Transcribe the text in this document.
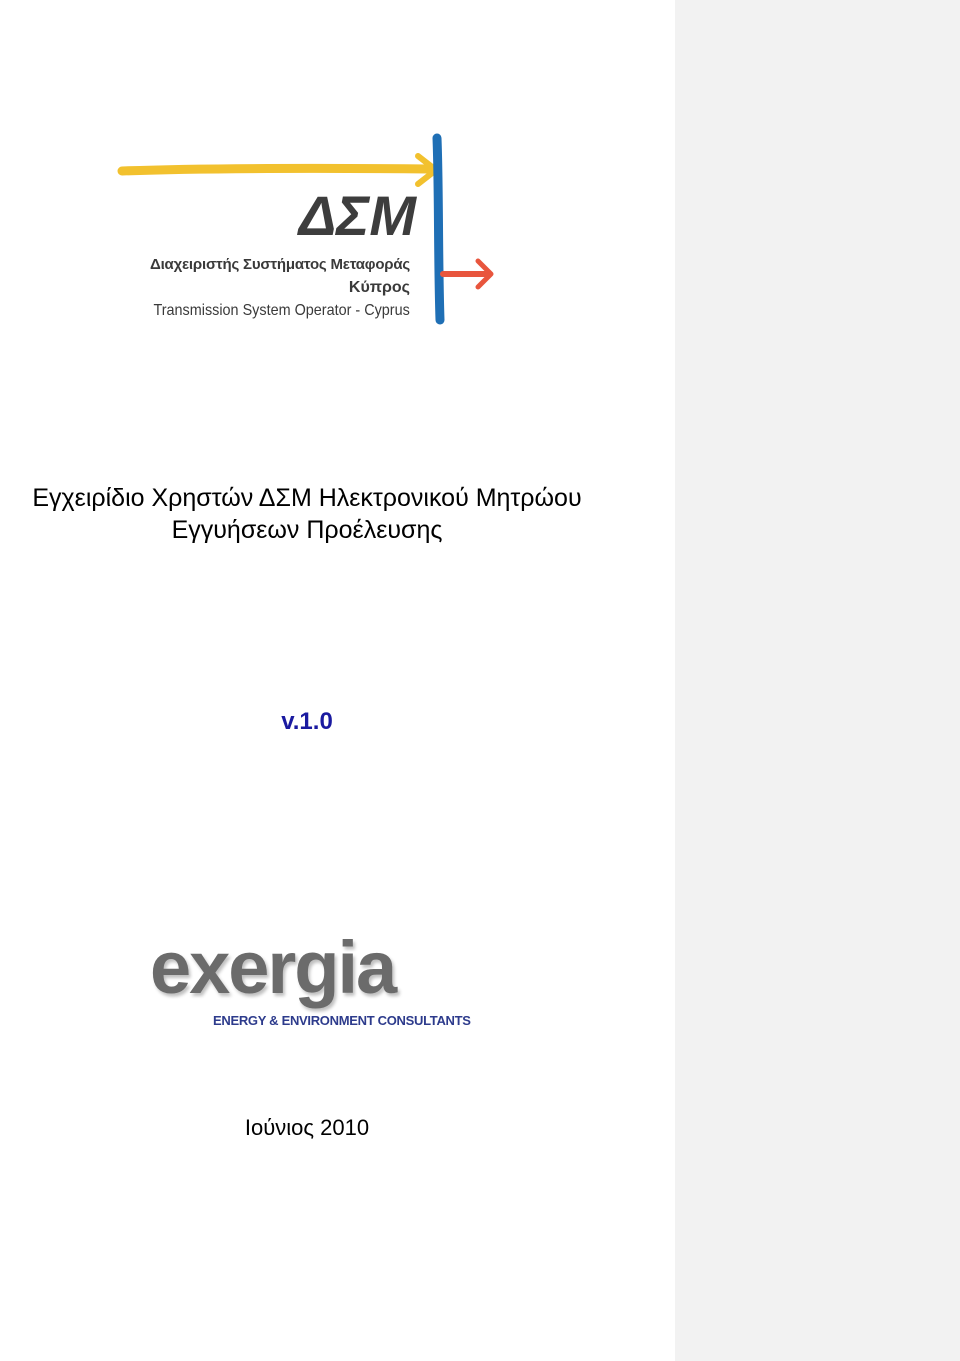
ΔΣΜ
Διαχειριστής Συστήματος Μεταφοράς
Κύπρος
Transmission System Operator - Cyprus
Εγχειρίδιο Χρηστών ΔΣΜ Ηλεκτρονικού Μητρώου
Εγγυήσεων Προέλευσης
v.1.0
exergia
ENERGY & ENVIRONMENT CONSULTANTS
Ιούνιος 2010
